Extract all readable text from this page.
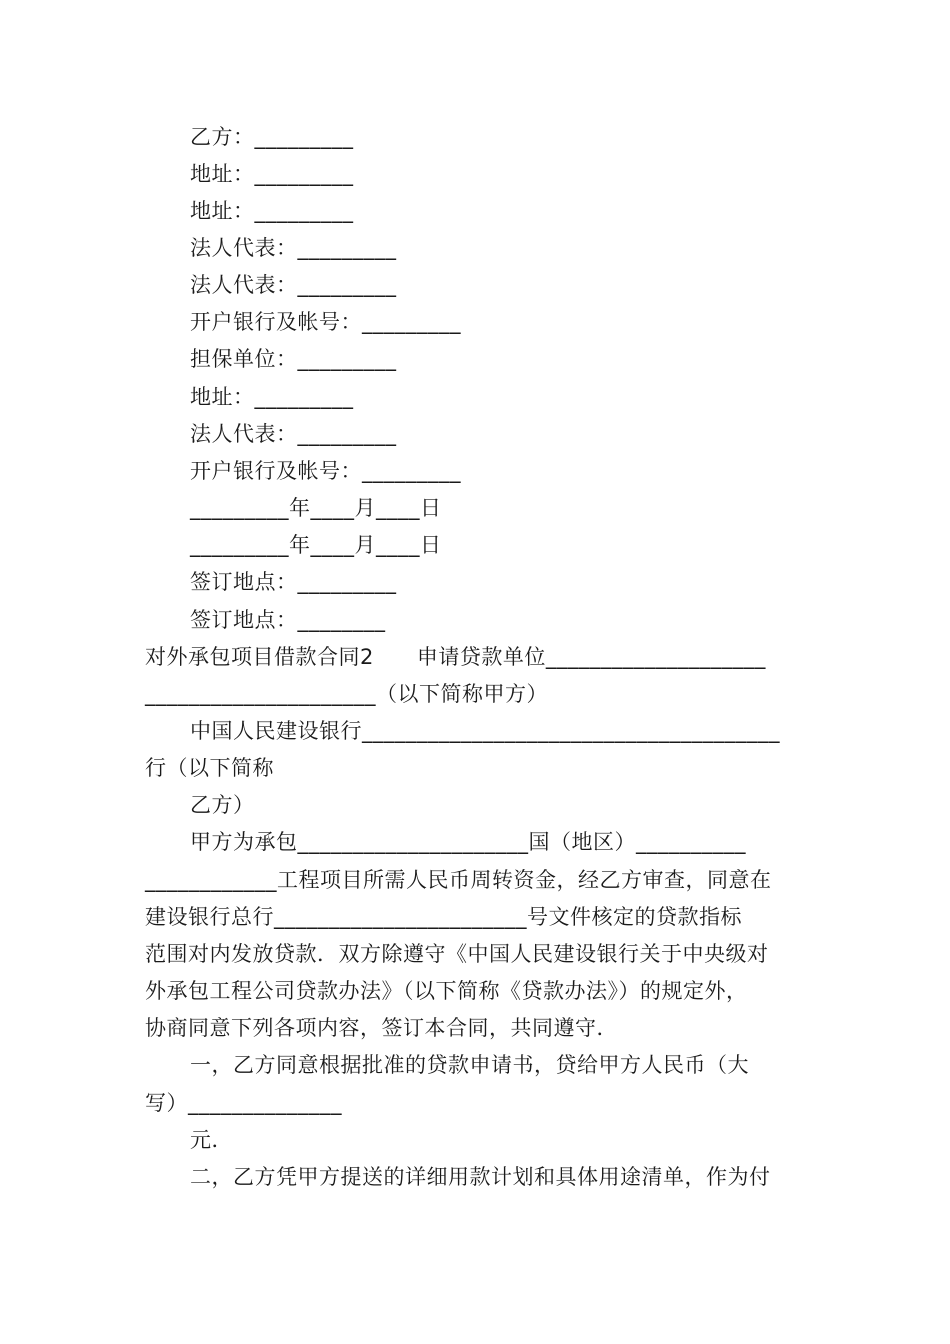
乙方：_________
地址：_________
地址：_________
法人代表：_________
法人代表：_________
开户银行及帐号：_________
担保单位：_________
地址：_________
法人代表：_________
开户银行及帐号：_________
_________年____月____日
_________年____月____日
签订地点：_________
签订地点：________
对外承包项目借款合同2　　申请贷款单位____________________
_____________________（以下简称甲方）
中国人民建设银行______________________________________
行（以下简称
乙方）
甲方为承包_____________________国（地区）__________
____________工程项目所需人民币周转资金，经乙方审查，同意在
建设银行总行_______________________号文件核定的贷款指标
范围对内发放贷款．双方除遵守《中国人民建设银行关于中央级对
外承包工程公司贷款办法》（以下简称《贷款办法》）的规定外，
协商同意下列各项内容，签订本合同，共同遵守．
一，乙方同意根据批准的贷款申请书，贷给甲方人民币（大
写）______________
元．
二，乙方凭甲方提送的详细用款计划和具体用途清单，作为付
